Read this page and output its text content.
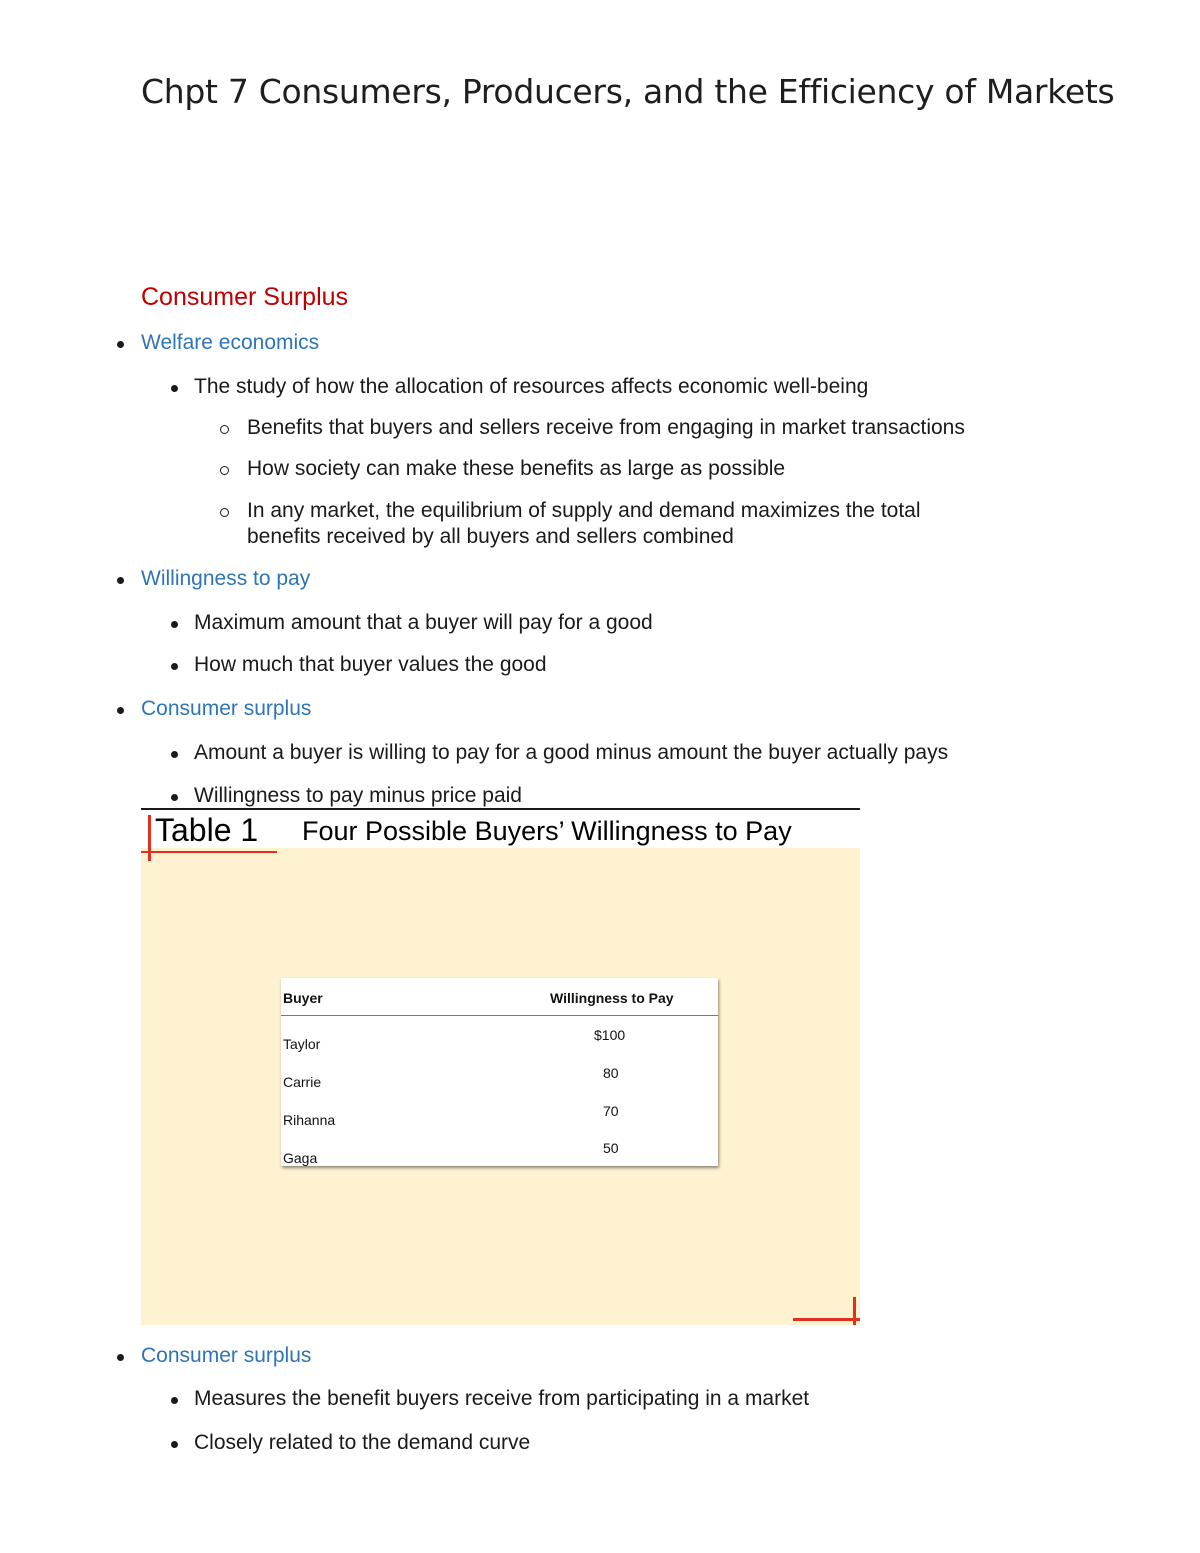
Chpt 7 Consumers, Producers, and the Efficiency of Markets
Consumer Surplus
Welfare economics
The study of how the allocation of resources affects economic well-being
Benefits that buyers and sellers receive from engaging in market transactions
How society can make these benefits as large as possible
In any market, the equilibrium of supply and demand maximizes the total
benefits received by all buyers and sellers combined
Willingness to pay
Maximum amount that a buyer will pay for a good
How much that buyer values the good
Consumer surplus
Amount a buyer is willing to pay for a good minus amount the buyer actually pays
Willingness to pay minus price paid
Table 1 Four Possible Buyers’ Willingness to Pay
Buyer	Willingness to Pay
Taylor
$100
Carrie
80
Rihanna
70
Gaga
50
Consumer surplus
Measures the benefit buyers receive from participating in a market
Closely related to the demand curve
